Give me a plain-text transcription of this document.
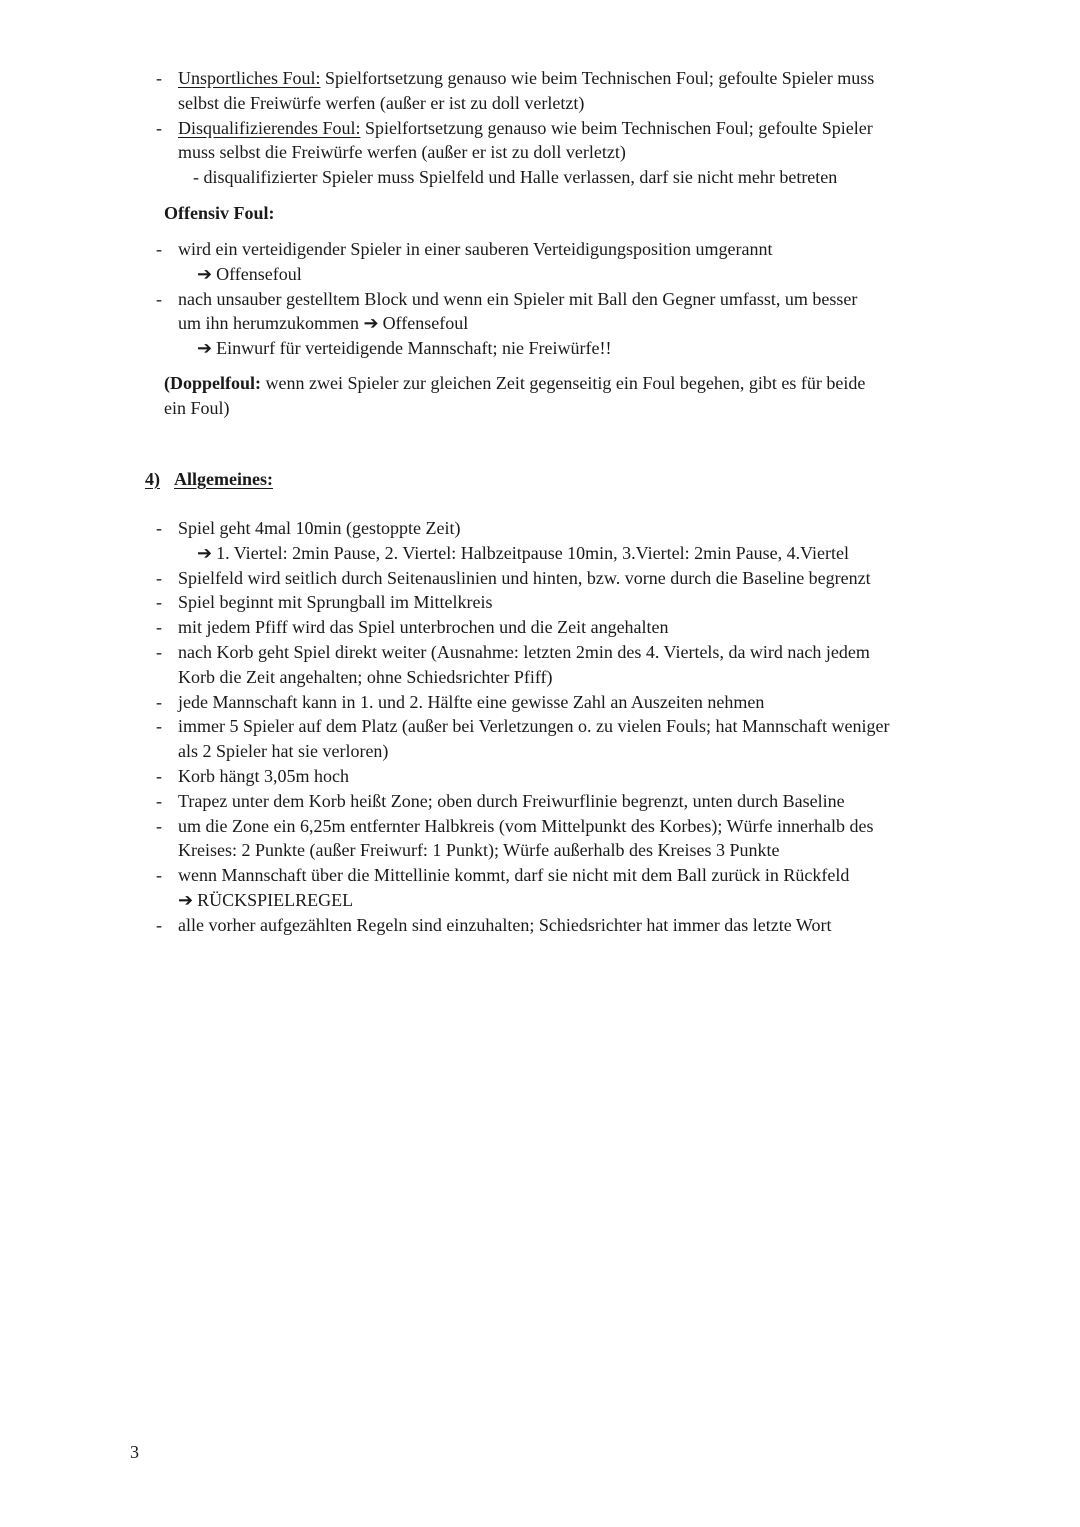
- Unsportliches Foul: Spielfortsetzung genauso wie beim Technischen Foul; gefoulte Spieler muss
selbst die Freiwürfe werfen (außer er ist zu doll verletzt)
- Disqualifizierendes Foul: Spielfortsetzung genauso wie beim Technischen Foul; gefoulte Spieler
muss selbst die Freiwürfe werfen (außer er ist zu doll verletzt)
- disqualifizierter Spieler muss Spielfeld und Halle verlassen, darf sie nicht mehr betreten
Offensiv Foul:
- wird ein verteidigender Spieler in einer sauberen Verteidigungsposition umgerannt
➔ Offensefoul
- nach unsauber gestelltem Block und wenn ein Spieler mit Ball den Gegner umfasst, um besser
um ihn herumzukommen ➔ Offensefoul
➔ Einwurf für verteidigende Mannschaft; nie Freiwürfe!!
(Doppelfoul: wenn zwei Spieler zur gleichen Zeit gegenseitig ein Foul begehen, gibt es für beide
ein Foul)
4) Allgemeines:
- Spiel geht 4mal 10min (gestoppte Zeit)
➔ 1. Viertel: 2min Pause, 2. Viertel: Halbzeitpause 10min, 3.Viertel: 2min Pause, 4.Viertel
- Spielfeld wird seitlich durch Seitenauslinien und hinten, bzw. vorne durch die Baseline begrenzt
- Spiel beginnt mit Sprungball im Mittelkreis
- mit jedem Pfiff wird das Spiel unterbrochen und die Zeit angehalten
- nach Korb geht Spiel direkt weiter (Ausnahme: letzten 2min des 4. Viertels, da wird nach jedem
Korb die Zeit angehalten; ohne Schiedsrichter Pfiff)
- jede Mannschaft kann in 1. und 2. Hälfte eine gewisse Zahl an Auszeiten nehmen
- immer 5 Spieler auf dem Platz (außer bei Verletzungen o. zu vielen Fouls; hat Mannschaft weniger
als 2 Spieler hat sie verloren)
- Korb hängt 3,05m hoch
- Trapez unter dem Korb heißt Zone; oben durch Freiwurflinie begrenzt, unten durch Baseline
- um die Zone ein 6,25m entfernter Halbkreis (vom Mittelpunkt des Korbes); Würfe innerhalb des
Kreises: 2 Punkte (außer Freiwurf: 1 Punkt); Würfe außerhalb des Kreises 3 Punkte
- wenn Mannschaft über die Mittellinie kommt, darf sie nicht mit dem Ball zurück in Rückfeld
➔ RÜCKSPIELREGEL
- alle vorher aufgezählten Regeln sind einzuhalten; Schiedsrichter hat immer das letzte Wort
3
